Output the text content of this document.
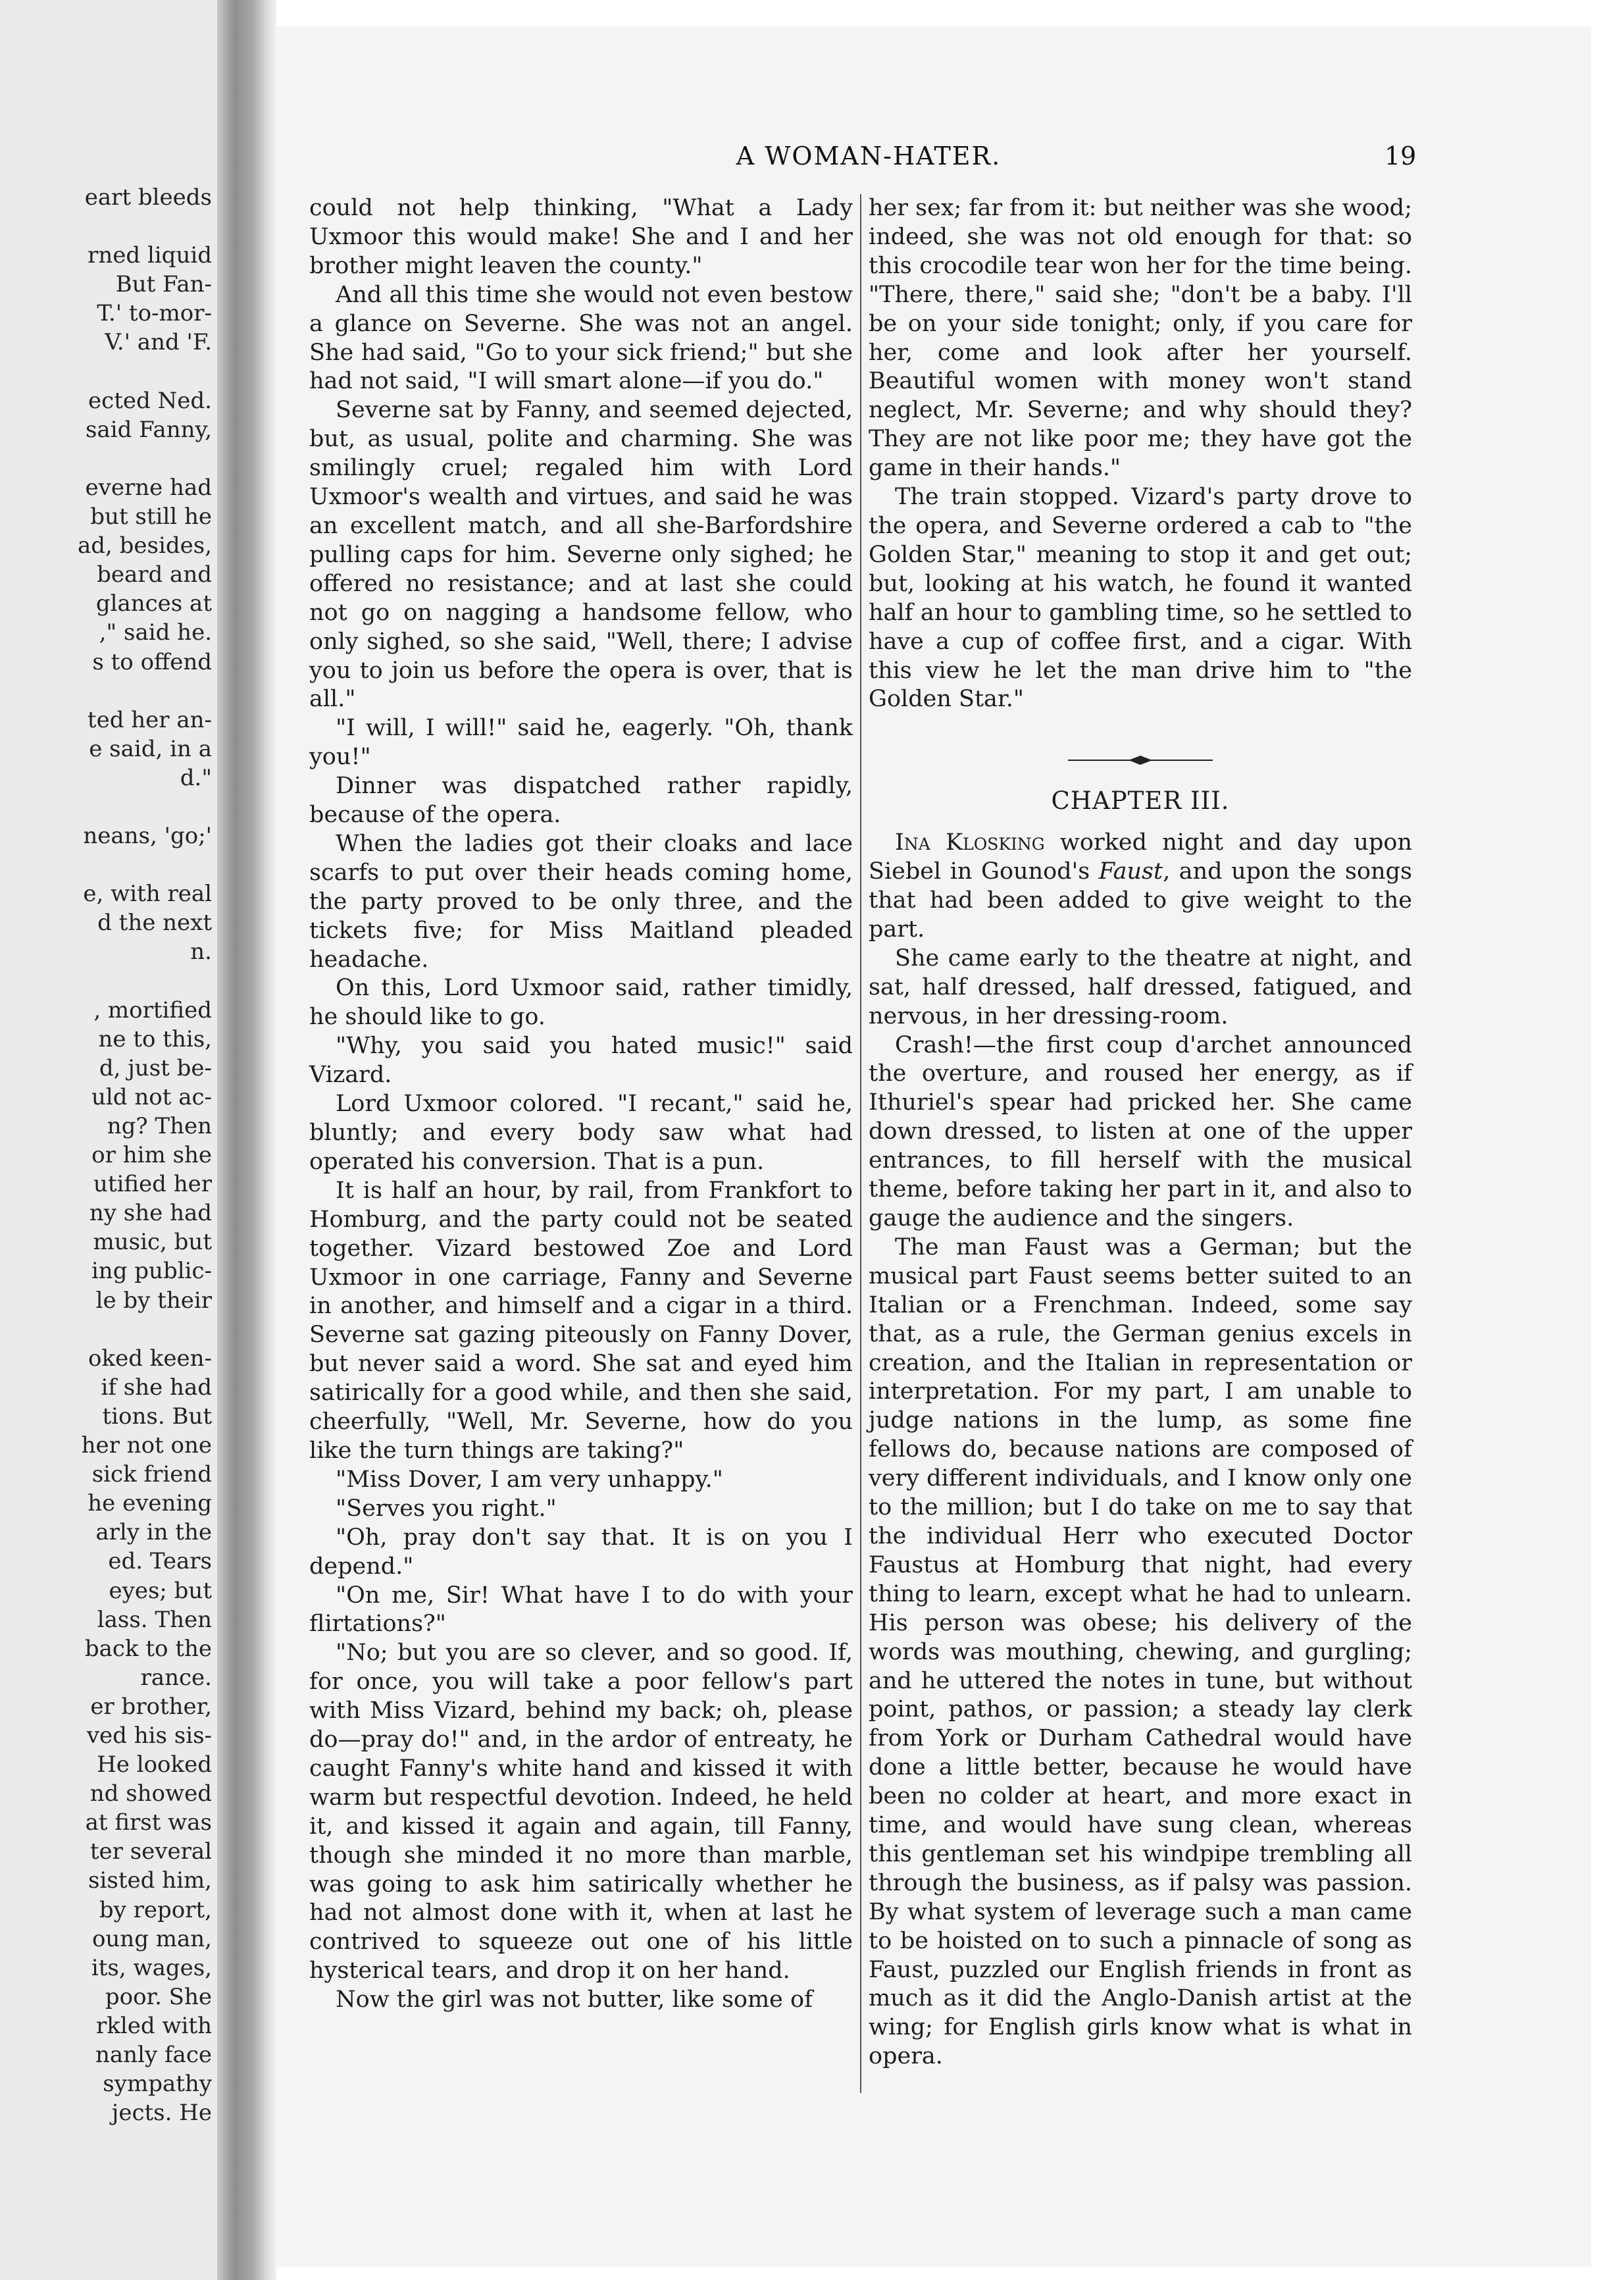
eart bleeds
rned liquid
But Fan-
T.' to-mor-
V.' and 'F.
ected Ned.
said Fanny,
everne had
but still he
ad, besides,
beard and
glances at
," said he.
s to offend
ted her an-
e said, in a
d."
neans, 'go;'
e, with real
d the next
n.
, mortified
ne to this,
d, just be-
uld not ac-
ng? Then
or him she
utified her
ny she had
music, but
ing public-
le by their
oked keen-
if she had
tions. But
her not one
sick friend
he evening
arly in the
ed. Tears
eyes; but
lass. Then
back to the
rance.
er brother,
ved his sis-
He looked
nd showed
at first was
ter several
sisted him,
by report,
oung man,
its, wages,
poor. She
rkled with
nanly face
sympathy
jects. He
A WOMAN-HATER.	19

could not help thinking, "What a Lady Uxmoor this would make! She and I and her brother might leaven the county."

And all this time she would not even bestow a glance on Severne. She was not an angel. She had said, "Go to your sick friend;" but she had not said, "I will smart alone—if you do."

Severne sat by Fanny, and seemed dejected, but, as usual, polite and charming. She was smilingly cruel; regaled him with Lord Uxmoor's wealth and virtues, and said he was an excellent match, and all she-Barfordshire pulling caps for him. Severne only sighed; he offered no resistance; and at last she could not go on nagging a handsome fellow, who only sighed, so she said, "Well, there; I advise you to join us before the opera is over, that is all."

"I will, I will!" said he, eagerly. "Oh, thank you!"

Dinner was dispatched rather rapidly, because of the opera.

When the ladies got their cloaks and lace scarfs to put over their heads coming home, the party proved to be only three, and the tickets five; for Miss Maitland pleaded headache.

On this, Lord Uxmoor said, rather timidly, he should like to go.

"Why, you said you hated music!" said Vizard.

Lord Uxmoor colored. "I recant," said he, bluntly; and every body saw what had operated his conversion. That is a pun.

It is half an hour, by rail, from Frankfort to Homburg, and the party could not be seated together. Vizard bestowed Zoe and Lord Uxmoor in one carriage, Fanny and Severne in another, and himself and a cigar in a third. Severne sat gazing piteously on Fanny Dover, but never said a word. She sat and eyed him satirically for a good while, and then she said, cheerfully, "Well, Mr. Severne, how do you like the turn things are taking?"

"Miss Dover, I am very unhappy."

"Serves you right."

"Oh, pray don't say that. It is on you I depend."

"On me, Sir! What have I to do with your flirtations?"

"No; but you are so clever, and so good. If, for once, you will take a poor fellow's part with Miss Vizard, behind my back; oh, please do—pray do!" and, in the ardor of entreaty, he caught Fanny's white hand and kissed it with warm but respectful devotion. Indeed, he held it, and kissed it again and again, till Fanny, though she minded it no more than marble, was going to ask him satirically whether he had not almost done with it, when at last he contrived to squeeze out one of his little hysterical tears, and drop it on her hand.

Now the girl was not butter, like some of

her sex; far from it: but neither was she wood; indeed, she was not old enough for that: so this crocodile tear won her for the time being. "There, there," said she; "don't be a baby. I'll be on your side tonight; only, if you care for her, come and look after her yourself. Beautiful women with money won't stand neglect, Mr. Severne; and why should they? They are not like poor me; they have got the game in their hands."

The train stopped. Vizard's party drove to the opera, and Severne ordered a cab to "the Golden Star," meaning to stop it and get out; but, looking at his watch, he found it wanted half an hour to gambling time, so he settled to have a cup of coffee first, and a cigar. With this view he let the man drive him to "the Golden Star."

CHAPTER III.

Ina Klosking worked night and day upon Siebel in Gounod's Faust, and upon the songs that had been added to give weight to the part.

She came early to the theatre at night, and sat, half dressed, half dressed, fatigued, and nervous, in her dressing-room.

Crash!—the first coup d'archet announced the overture, and roused her energy, as if Ithuriel's spear had pricked her. She came down dressed, to listen at one of the upper entrances, to fill herself with the musical theme, before taking her part in it, and also to gauge the audience and the singers.

The man Faust was a German; but the musical part Faust seems better suited to an Italian or a Frenchman. Indeed, some say that, as a rule, the German genius excels in creation, and the Italian in representation or interpretation. For my part, I am unable to judge nations in the lump, as some fine fellows do, because nations are composed of very different individuals, and I know only one to the million; but I do take on me to say that the individual Herr who executed Doctor Faustus at Homburg that night, had every thing to learn, except what he had to unlearn. His person was obese; his delivery of the words was mouthing, chewing, and gurgling; and he uttered the notes in tune, but without point, pathos, or passion; a steady lay clerk from York or Durham Cathedral would have done a little better, because he would have been no colder at heart, and more exact in time, and would have sung clean, whereas this gentleman set his windpipe trembling all through the business, as if palsy was passion. By what system of leverage such a man came to be hoisted on to such a pinnacle of song as Faust, puzzled our English friends in front as much as it did the Anglo-Danish artist at the wing; for English girls know what is what in opera.
